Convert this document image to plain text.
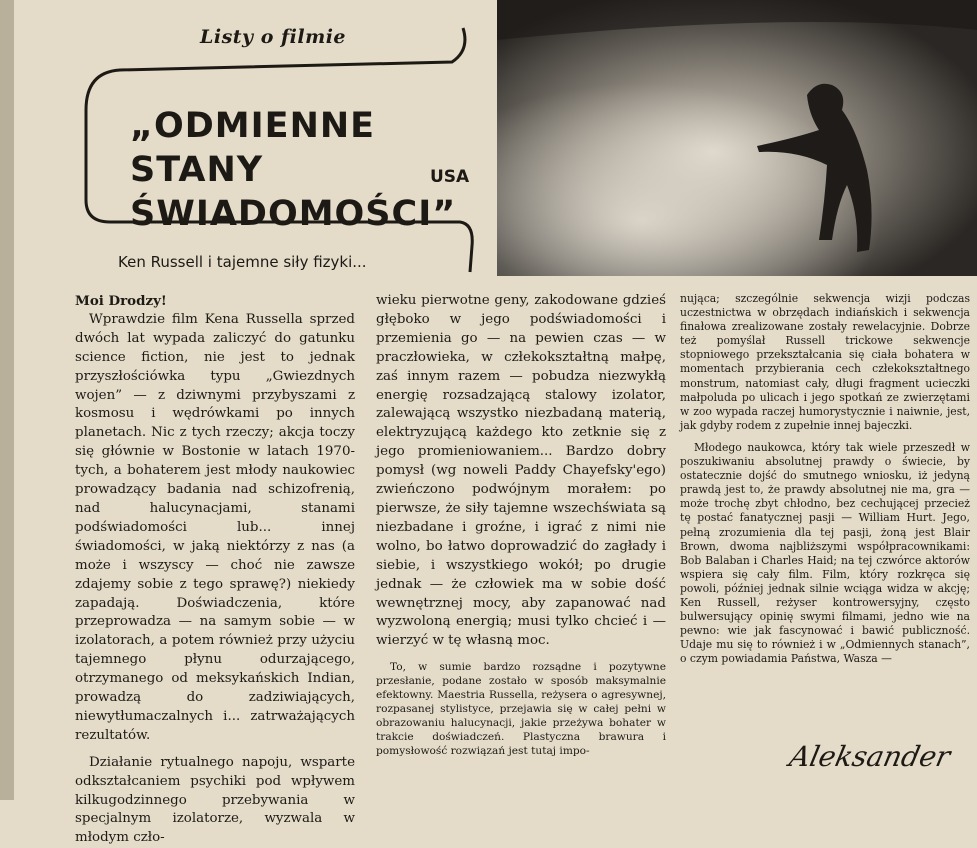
Listy o filmie

„ODMIENNE STANY

ŚWIADOMOŚCI”

USA
Ken Russell i tajemne siły fizyki...

Moi Drodzy!

Wprawdzie film Kena Russella sprzed dwóch lat wypada zaliczyć do gatunku science fiction, nie jest to jednak przyszłościówka typu „Gwiezdnych wojen” — z dziwnymi przybyszami z kosmosu i wędrówkami po innych planetach. Nic z tych rzeczy; akcja toczy się głównie w Bostonie w latach 1970-tych, a bohaterem jest młody naukowiec prowadzący badania nad schizofrenią, nad halucynacjami, stanami podświadomości lub... innej świadomości, w jaką niektórzy z nas (a może i wszyscy — choć nie zawsze zdajemy sobie z tego sprawę?) niekiedy zapadają. Doświadczenia, które przeprowadza — na samym sobie — w izolatorach, a potem również przy użyciu tajemnego płynu odurzającego, otrzymanego od meksykańskich Indian, prowadzą do zadziwiających, niewytłumaczalnych i... zatrważających rezultatów.

Działanie rytualnego napoju, wsparte odkształcaniem psychiki pod wpływem kilkugodzinnego przebywania w specjalnym izolatorze, wyzwala w młodym czło-

wieku pierwotne geny, zakodowane gdzieś głęboko w jego podświadomości i przemienia go — na pewien czas — w praczłowieka, w człekokształtną małpę, zaś innym razem — pobudza niezwykłą energię rozsadzającą stalowy izolator, zalewającą wszystko niezbadaną materią, elektryzującą każdego kto zetknie się z jego promieniowaniem... Bardzo dobry pomysł (wg noweli Paddy Chayefsky'ego) zwieńczono podwójnym morałem: po pierwsze, że siły tajemne wszechświata są niezbadane i groźne, i igrać z nimi nie wolno, bo łatwo doprowadzić do zagłady i siebie, i wszystkiego wokół; po drugie jednak — że człowiek ma w sobie dość wewnętrznej mocy, aby zapanować nad wyzwoloną energią; musi tylko chcieć i — wierzyć w tę własną moc.

To, w sumie bardzo rozsądne i pozytywne przesłanie, podane zostało w sposób maksymalnie efektowny. Maestria Russella, reżysera o agresywnej, rozpasanej stylistyce, przejawia się w całej pełni w obrazowaniu halucynacji, jakie przeżywa bohater w trakcie doświadczeń. Plastyczna brawura i pomysłowość rozwiązań jest tutaj impo-

nująca; szczególnie sekwencja wizji podczas uczestnictwa w obrzędach indiańskich i sekwencja finałowa zrealizowane zostały rewelacyjnie. Dobrze też pomyślał Russell trickowe sekwencje stopniowego przekształcania się ciała bohatera w momentach przybierania cech człekokształtnego monstrum, natomiast cały, długi fragment ucieczki małpoluda po ulicach i jego spotkań ze zwierzętami w zoo wypada raczej humorystycznie i naiwnie, jest, jak gdyby rodem z zupełnie innej bajeczki.

Młodego naukowca, który tak wiele przeszedł w poszukiwaniu absolutnej prawdy o świecie, by ostatecznie dojść do smutnego wniosku, iż jedyną prawdą jest to, że prawdy absolutnej nie ma, gra — może trochę zbyt chłodno, bez cechującej przecież tę postać fanatycznej pasji — William Hurt. Jego, pełną zrozumienia dla tej pasji, żoną jest Blair Brown, dwoma najbliższymi współpracownikami: Bob Balaban i Charles Haid; na tej czwórce aktorów wspiera się cały film. Film, który rozkręca się powoli, później jednak silnie wciąga widza w akcję; Ken Russell, reżyser kontrowersyjny, często bulwersujący opinię swymi filmami, jedno wie na pewno: wie jak fascynować i bawić publiczność. Udaje mu się to również i w „Odmiennych stanach”, o czym powiadamia Państwa, Wasza —

Aleksander
